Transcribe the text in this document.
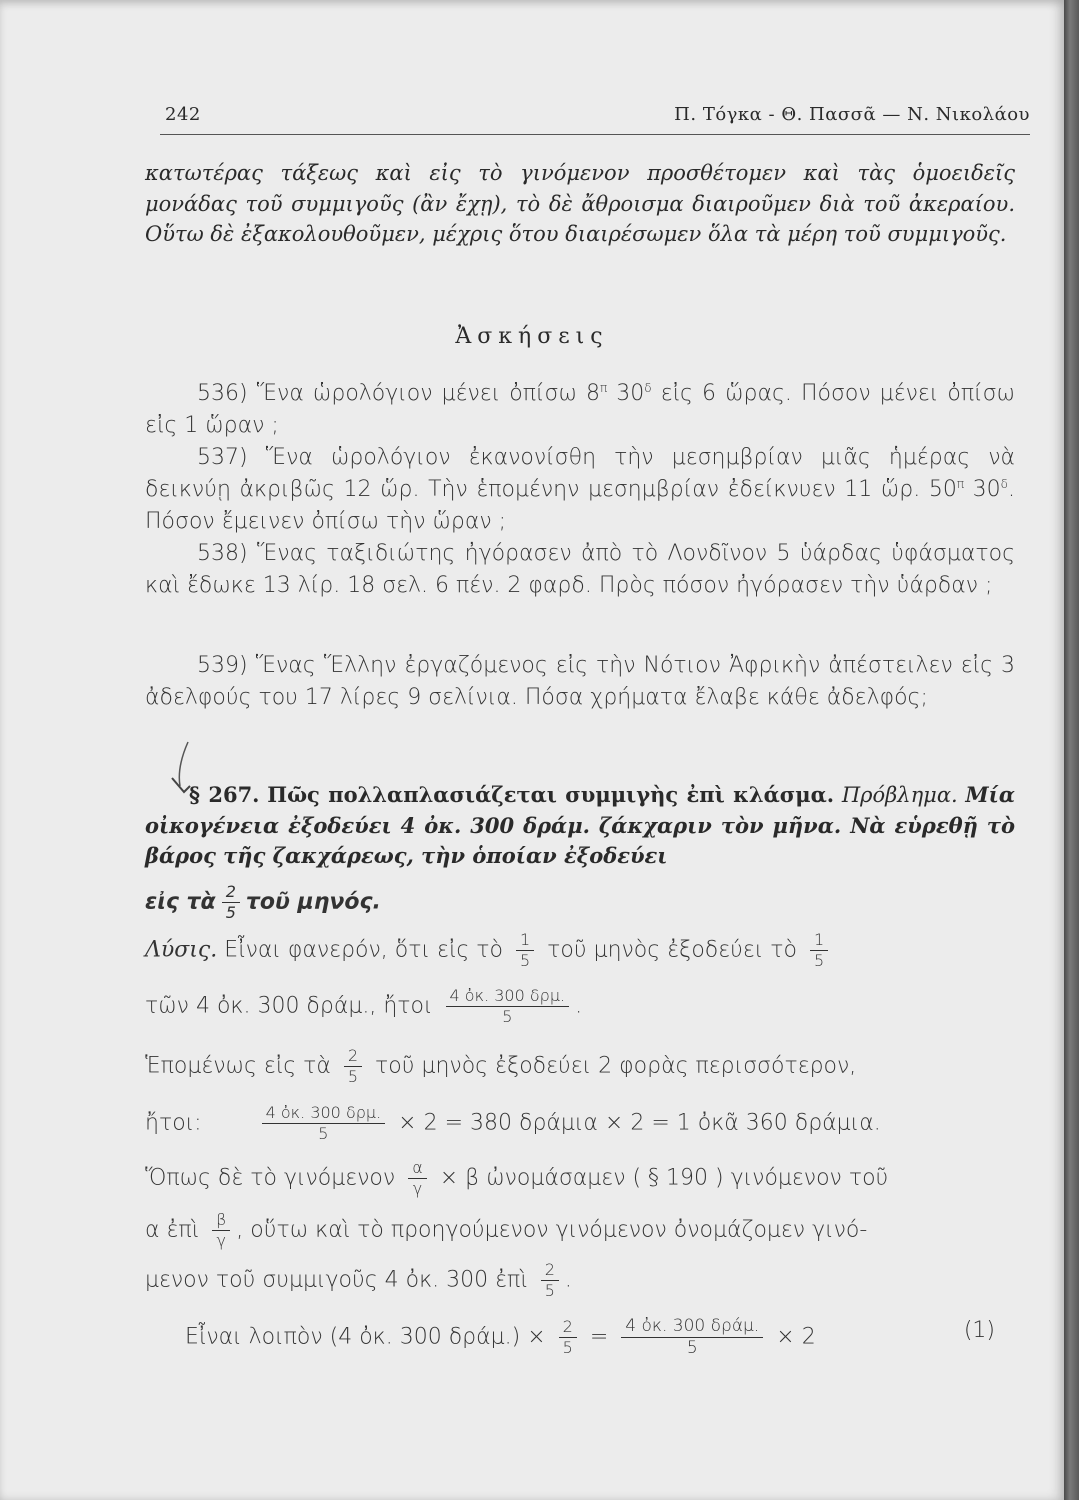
242	Π. Τόγκα - Θ. Πασσᾶ — Ν. Νικολάου
κατωτέρας τάξεως καὶ εἰς τὸ γινόμενον προσθέτομεν καὶ τὰς ὁμοειδεῖς μονάδας τοῦ συμμιγοῦς (ἂν ἔχῃ), τὸ δὲ ἄθροισμα διαιροῦμεν διὰ τοῦ ἀκεραίου. Οὕτω δὲ ἐξακολουθοῦμεν, μέχρις ὅτου διαιρέσωμεν ὅλα τὰ μέρη τοῦ συμμιγοῦς.
Ἀσκήσεις
536) Ἕνα ὡρολόγιον μένει ὀπίσω $8^\pi$ $30^\delta$ εἰς 6 ὥρας. Πόσον μένει ὀπίσω εἰς 1 ὥραν ;
537) Ἕνα ὡρολόγιον ἐκανονίσθη τὴν μεσημβρίαν μιᾶς ἡμέρας νὰ δεικνύῃ ἀκριβῶς 12 ὥρ. Τὴν ἑπομένην μεσημβρίαν ἐδείκνυεν 11 ὥρ. $50^\pi$ $30^\delta$. Πόσον ἔμεινεν ὀπίσω τὴν ὥραν ;
538) Ἕνας ταξιδιώτης ἠγόρασεν ἀπὸ τὸ Λονδῖνον 5 ὑάρδας ὑφάσματος καὶ ἔδωκε 13 λίρ. 18 σελ. 6 πέν. 2 φαρδ. Πρὸς πόσον ἠγόρασεν τὴν ὑάρδαν ;
539) Ἕνας Ἕλλην ἐργαζόμενος εἰς τὴν Νότιον Ἀφρικὴν ἀπέστειλεν εἰς 3 ἀδελφούς του 17 λίρες 9 σελίνια. Πόσα χρήματα ἔλαβε κάθε ἀδελφός;
§ 267. Πῶς πολλαπλασιάζεται συμμιγὴς ἐπὶ κλάσμα. Πρόβλημα. Μία οἰκογένεια ἐξοδεύει 4 ὀκ. 300 δράμ. ζάκχαριν τὸν μῆνα. Νὰ εὑρεθῇ τὸ βάρος τῆς ζακχάρεως, τὴν ὁποίαν ἐξοδεύει
εἰς τὰ $\frac{2}{5}$ τοῦ μηνός.
Λύσις. Εἶναι φανερόν, ὅτι εἰς τὸ $\frac{1}{5}$ τοῦ μηνὸς ἐξοδεύει τὸ $\frac{1}{5}$
τῶν 4 ὀκ. 300 δράμ., ἤτοι $\frac{\text{4 ὀκ. 300 δρμ.}}{5}$ .
Ἑπομένως εἰς τὰ $\frac{2}{5}$ τοῦ μηνὸς ἐξοδεύει 2 φορὰς περισσότερον,
ἤτοι:	$\frac{\text{4 ὀκ. 300 δρμ.}}{5} \times 2 = 380$ δράμια × 2 = 1 ὀκᾶ 360 δράμια.
Ὅπως δὲ τὸ γινόμενον $\frac{\alpha}{\gamma} \times \beta$ ὠνομάσαμεν ( § 190 ) γινόμενον τοῦ
α ἐπὶ $\frac{\beta}{\gamma}$ , οὕτω καὶ τὸ προηγούμενον γινόμενον ὀνομάζομεν γινό-
μενον τοῦ συμμιγοῦς 4 ὀκ. 300 ἐπὶ $\frac{2}{5}$ .
Εἶναι λοιπὸν (4 ὀκ. 300 $\delta\rho ά\mu.) \times \frac{2}{5} = \frac{\text{4 ὀκ. 300 δράμ.}}{5} \times 2$	(1)
